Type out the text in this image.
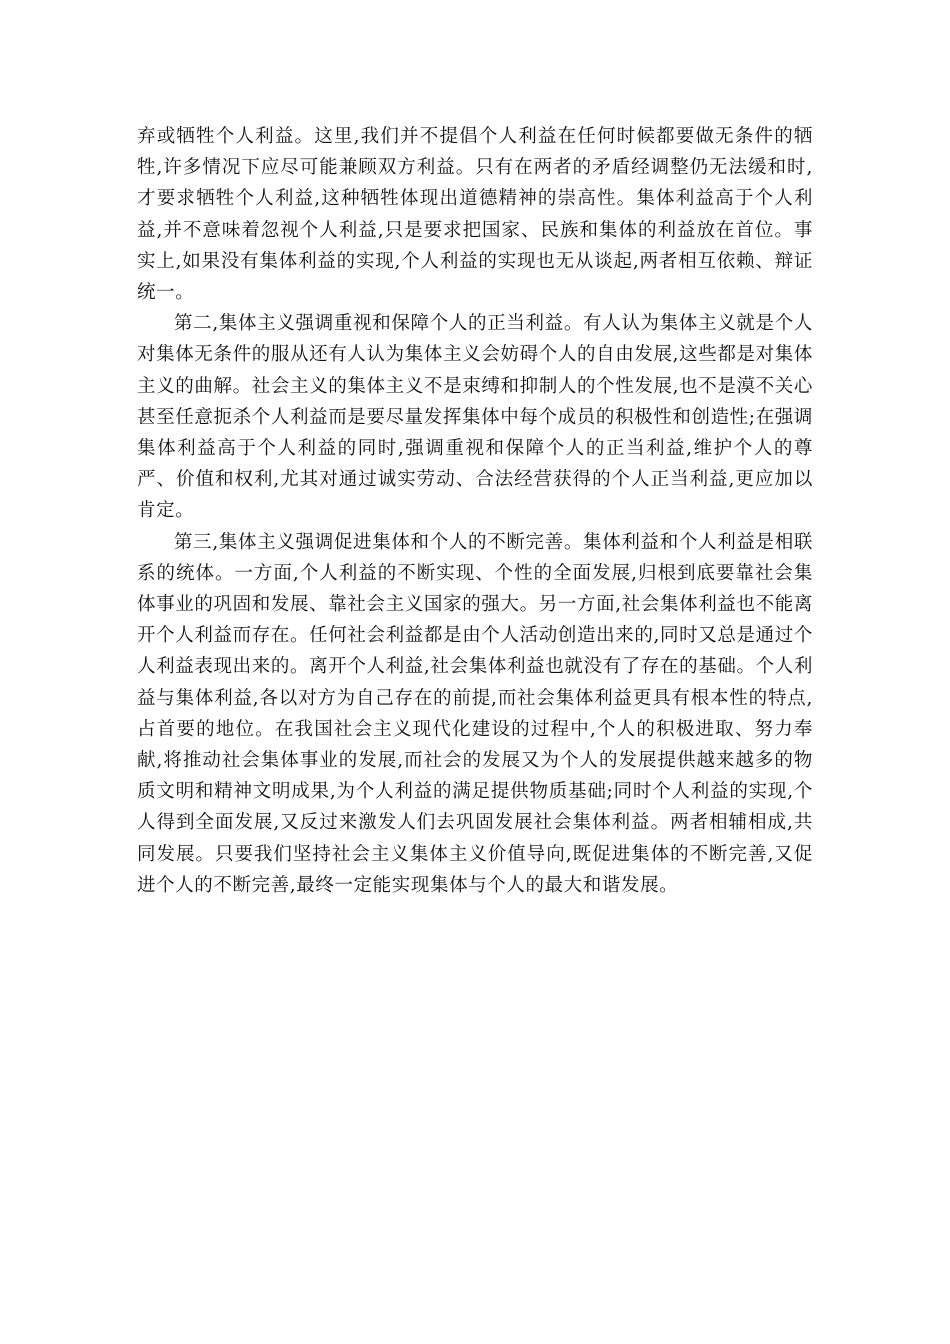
弃或牺牲个人利益。这里,我们并不提倡个人利益在任何时候都要做无条件的牺牲,许多情况下应尽可能兼顾双方利益。只有在两者的矛盾经调整仍无法缓和时,才要求牺牲个人利益,这种牺牲体现出道德精神的崇高性。集体利益高于个人利益,并不意味着忽视个人利益,只是要求把国家、民族和集体的利益放在首位。事实上,如果没有集体利益的实现,个人利益的实现也无从谈起,两者相互依赖、辩证统一。

第二,集体主义强调重视和保障个人的正当利益。有人认为集体主义就是个人对集体无条件的服从还有人认为集体主义会妨碍个人的自由发展,这些都是对集体主义的曲解。社会主义的集体主义不是束缚和抑制人的个性发展,也不是漠不关心甚至任意扼杀个人利益而是要尽量发挥集体中每个成员的积极性和创造性;在强调集体利益高于个人利益的同时,强调重视和保障个人的正当利益,维护个人的尊严、价值和权利,尤其对通过诚实劳动、合法经营获得的个人正当利益,更应加以肯定。

第三,集体主义强调促进集体和个人的不断完善。集体利益和个人利益是相联系的统体。一方面,个人利益的不断实现、个性的全面发展,归根到底要靠社会集体事业的巩固和发展、靠社会主义国家的强大。另一方面,社会集体利益也不能离开个人利益而存在。任何社会利益都是由个人活动创造出来的,同时又总是通过个人利益表现出来的。离开个人利益,社会集体利益也就没有了存在的基础。个人利益与集体利益,各以对方为自己存在的前提,而社会集体利益更具有根本性的特点,占首要的地位。在我国社会主义现代化建设的过程中,个人的积极进取、努力奉献,将推动社会集体事业的发展,而社会的发展又为个人的发展提供越来越多的物质文明和精神文明成果,为个人利益的满足提供物质基础;同时个人利益的实现,个人得到全面发展,又反过来激发人们去巩固发展社会集体利益。两者相辅相成,共同发展。只要我们坚持社会主义集体主义价值导向,既促进集体的不断完善,又促进个人的不断完善,最终一定能实现集体与个人的最大和谐发展。
